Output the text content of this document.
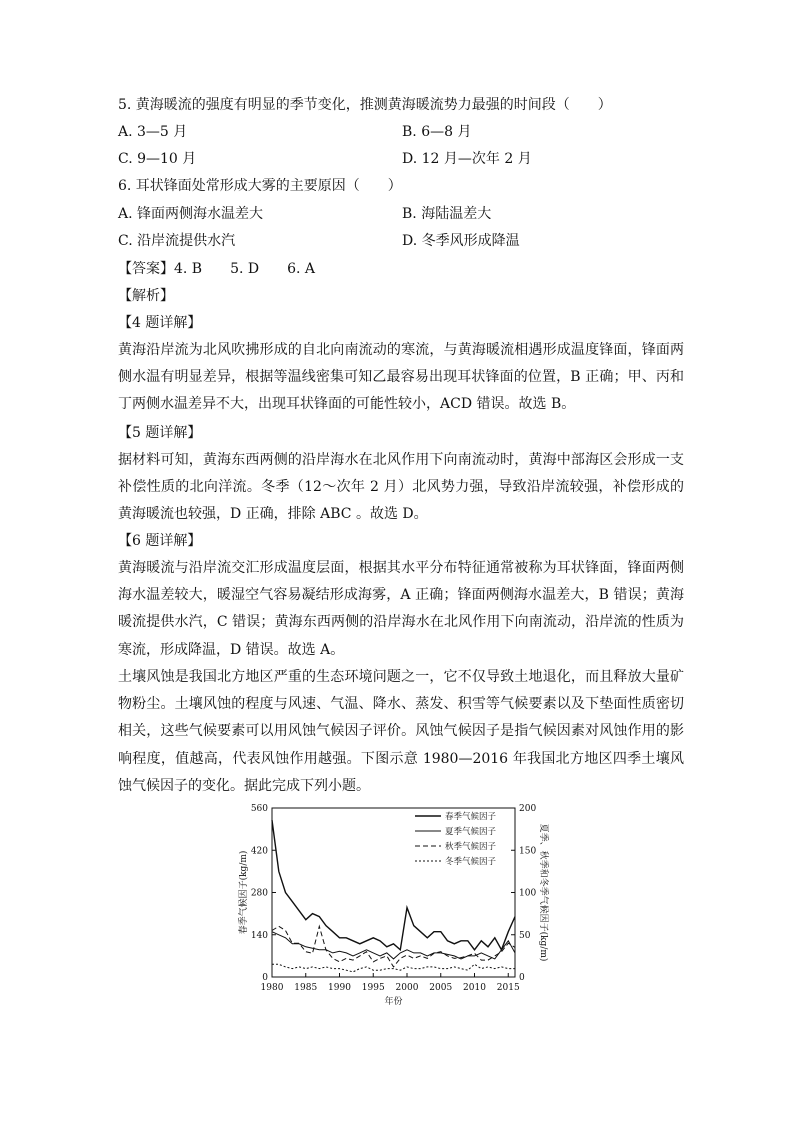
5. 黄海暖流的强度有明显的季节变化，推测黄海暖流势力最强的时间段（　　）
A. 3—5 月	B. 6—8 月
C. 9—10 月	D. 12 月—次年 2 月
6. 耳状锋面处常形成大雾的主要原因（　　）
A. 锋面两侧海水温差大	B. 海陆温差大
C. 沿岸流提供水汽	D. 冬季风形成降温
【答案】4. B　　5. D　　6. A
【解析】
【4 题详解】
黄海沿岸流为北风吹拂形成的自北向南流动的寒流，与黄海暖流相遇形成温度锋面，锋面两侧水温有明显差异，根据等温线密集可知乙最容易出现耳状锋面的位置，B 正确；甲、丙和丁两侧水温差异不大，出现耳状锋面的可能性较小，ACD 错误。故选 B。
【5 题详解】
据材料可知，黄海东西两侧的沿岸海水在北风作用下向南流动时，黄海中部海区会形成一支补偿性质的北向洋流。冬季（12～次年 2 月）北风势力强，导致沿岸流较强，补偿形成的黄海暖流也较强，D 正确，排除 ABC 。故选 D。
【6 题详解】
黄海暖流与沿岸流交汇形成温度层面，根据其水平分布特征通常被称为耳状锋面，锋面两侧海水温差较大，暖湿空气容易凝结形成海雾，A 正确；锋面两侧海水温差大，B 错误；黄海暖流提供水汽，C 错误；黄海东西两侧的沿岸海水在北风作用下向南流动，沿岸流的性质为寒流，形成降温，D 错误。故选 A。
土壤风蚀是我国北方地区严重的生态环境问题之一，它不仅导致土地退化，而且释放大量矿物粉尘。土壤风蚀的程度与风速、气温、降水、蒸发、积雪等气候要素以及下垫面性质密切相关，这些气候要素可以用风蚀气候因子评价。风蚀气候因子是指气候因素对风蚀作用的影响程度，值越高，代表风蚀作用越强。下图示意 1980—2016 年我国北方地区四季土壤风蚀气候因子的变化。据此完成下列小题。
1980 1985 1990 1995 2000 2005 2010 2015
0
140
280
420
560
0
50
100
150
200
年份
春季气候因子(kg/m)	夏季、秋季和冬季气候因子(kg/m)
春季气候因子
夏季气候因子
秋季气候因子
冬季气候因子
